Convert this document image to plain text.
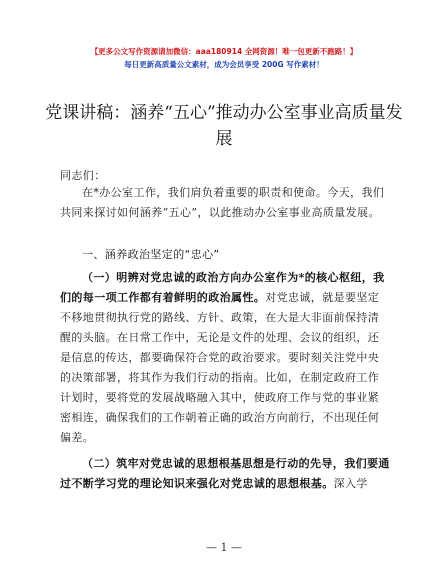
【更多公文写作资源请加微信：aaa180914 全网资源！唯一包更新不跑路！】
每日更新高质量公文素材，成为会员享受 200G 写作素材！
党课讲稿：涵养“五心”推动办公室事业高质量发展
同志们：
在*办公室工作，我们肩负着重要的职责和使命。今天，我们共同来探讨如何涵养“五心”，以此推动办公室事业高质量发展。
一、涵养政治坚定的“忠心”
（一）明辨对党忠诚的政治方向办公室作为*的核心枢纽，我们的每一项工作都有着鲜明的政治属性。对党忠诚，就是要坚定不移地贯彻执行党的路线、方针、政策，在大是大非面前保持清醒的头脑。在日常工作中，无论是文件的处理、会议的组织，还是信息的传达，都要确保符合党的政治要求。要时刻关注党中央的决策部署，将其作为我们行动的指南。比如，在制定政府工作计划时，要将党的发展战略融入其中，使政府工作与党的事业紧密相连，确保我们的工作朝着正确的政治方向前行，不出现任何偏差。
（二）筑牢对党忠诚的思想根基思想是行动的先导，我们要通过不断学习党的理论知识来强化对党忠诚的思想根基。深入学
— 1 —
